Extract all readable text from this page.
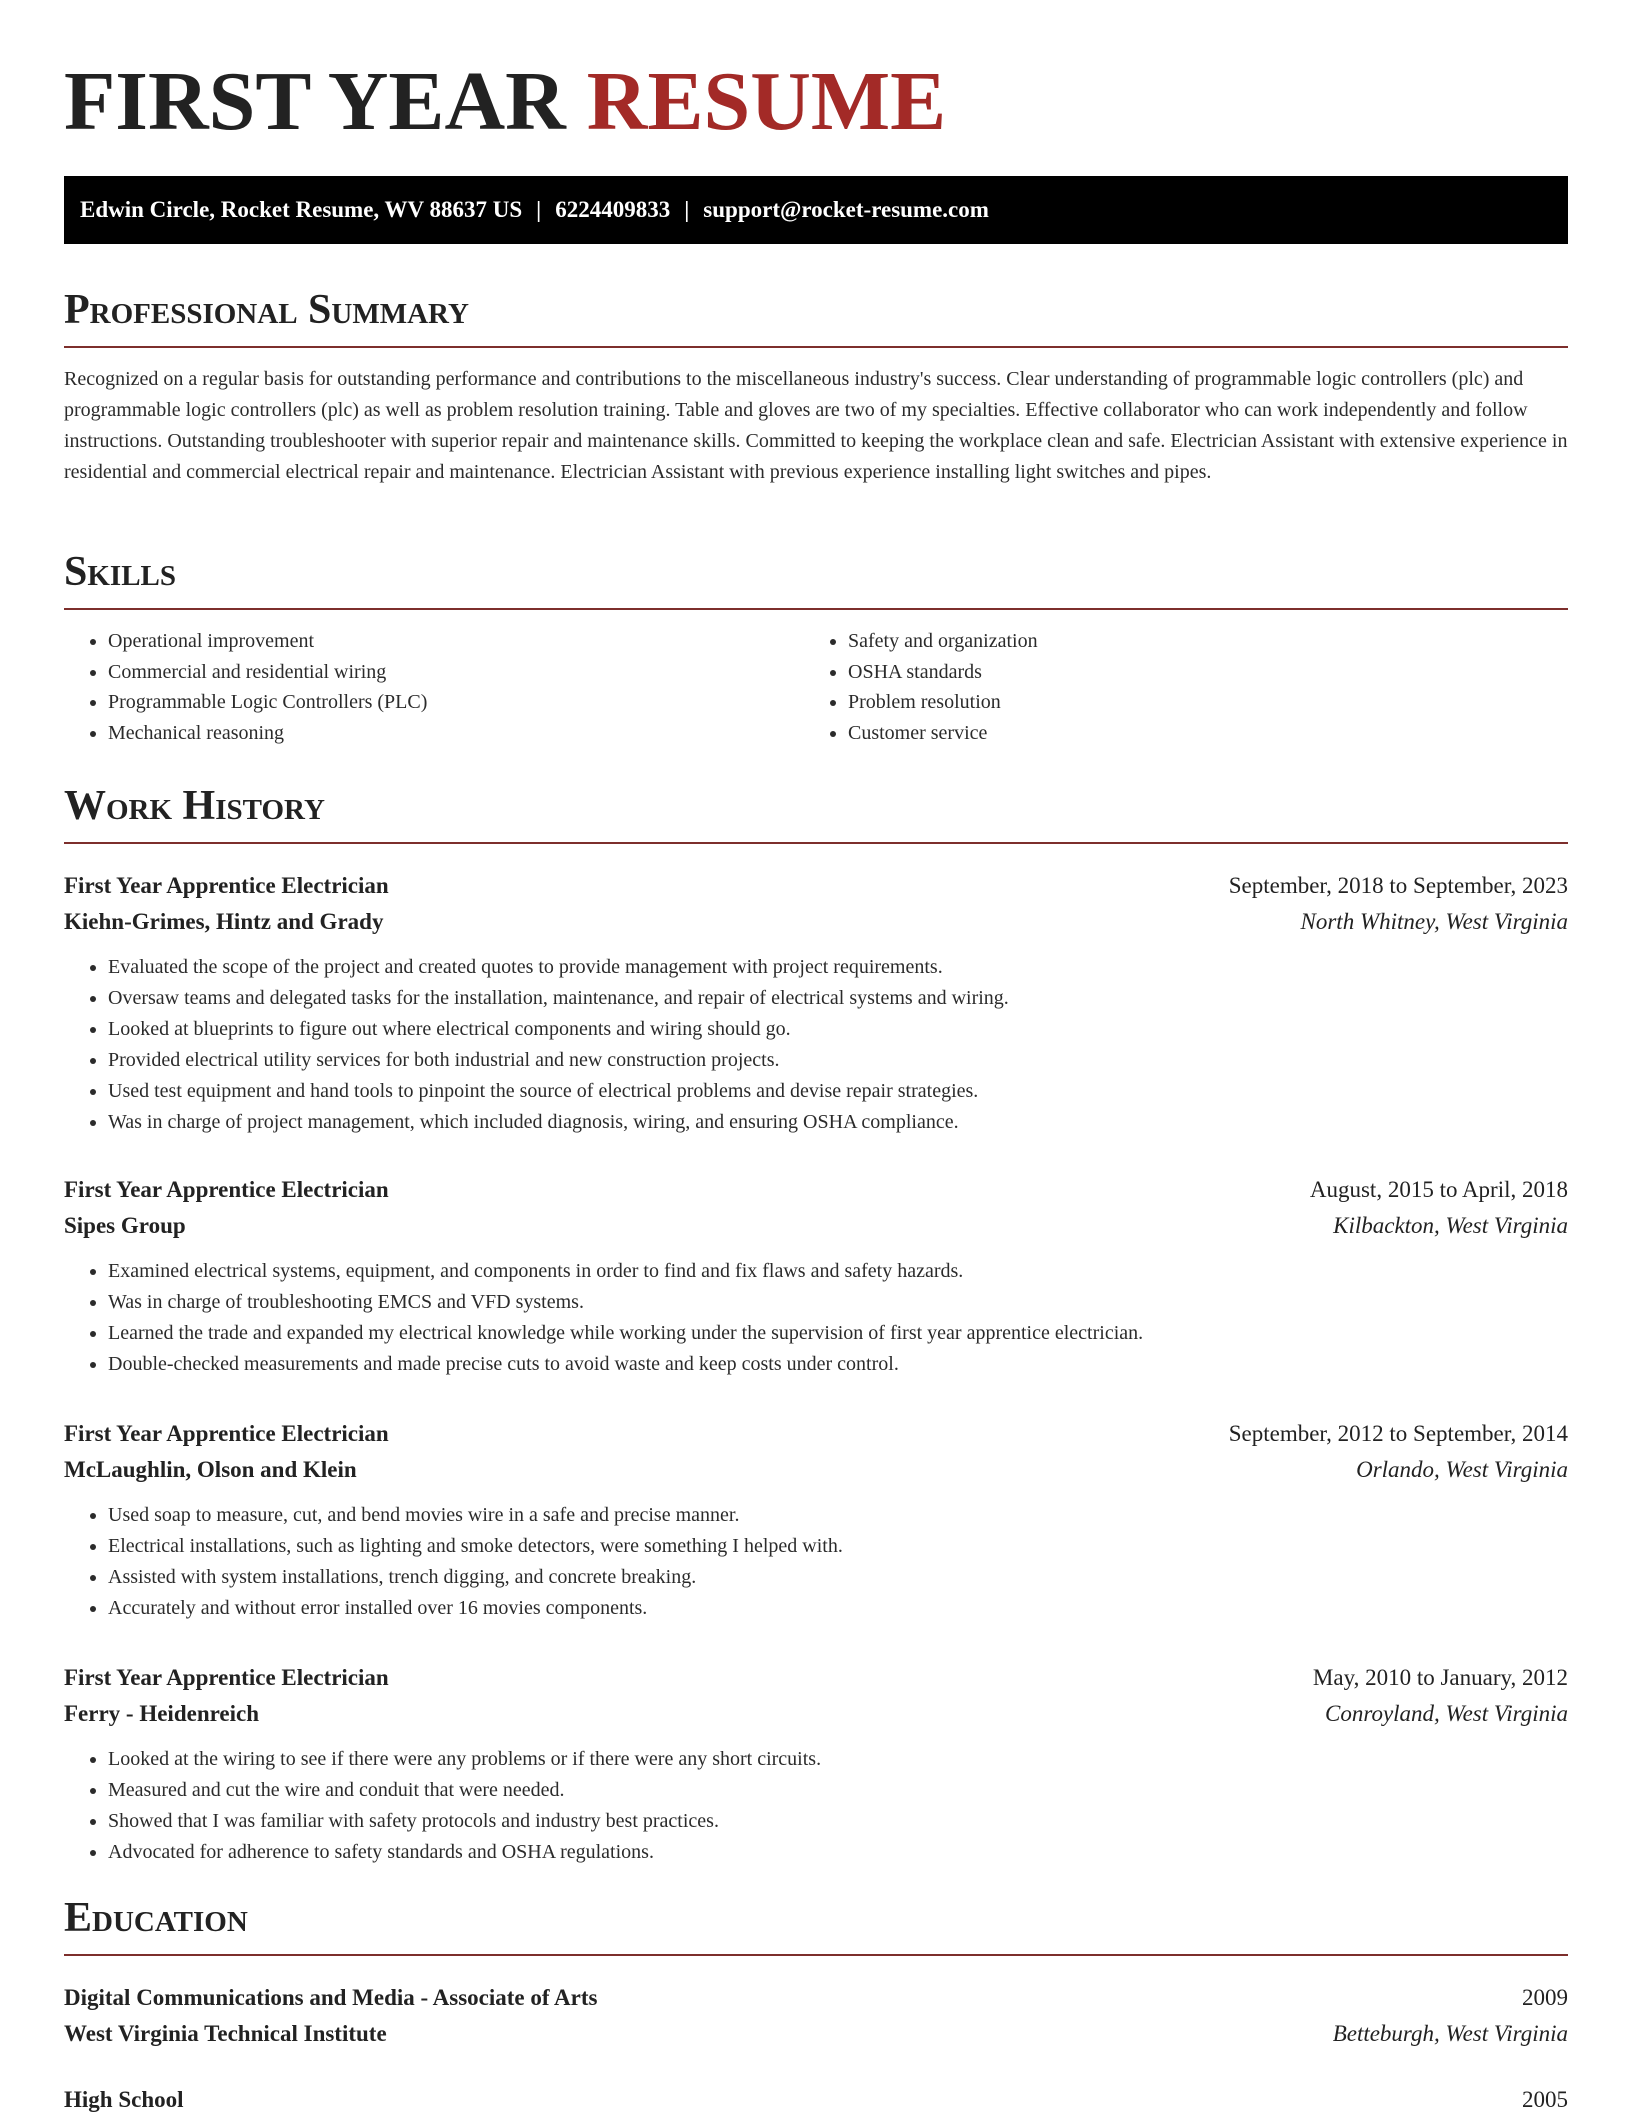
FIRST YEAR RESUME
Edwin Circle, Rocket Resume, WV 88637 US | 6224409833 | support@rocket-resume.com
Professional Summary

Recognized on a regular basis for outstanding performance and contributions to the miscellaneous industry's success. Clear understanding of programmable logic controllers (plc) and programmable logic controllers (plc) as well as problem resolution training. Table and gloves are two of my specialties. Effective collaborator who can work independently and follow instructions. Outstanding troubleshooter with superior repair and maintenance skills. Committed to keeping the workplace clean and safe. Electrician Assistant with extensive experience in residential and commercial electrical repair and maintenance. Electrician Assistant with previous experience installing light switches and pipes.

Skills
• Operational improvement
• Commercial and residential wiring
• Programmable Logic Controllers (PLC)
• Mechanical reasoning
• Safety and organization
• OSHA standards
• Problem resolution
• Customer service
Work History
First Year Apprentice Electrician	September, 2018 to September, 2023
Kiehn-Grimes, Hintz and Grady	North Whitney, West Virginia
• Evaluated the scope of the project and created quotes to provide management with project requirements.
• Oversaw teams and delegated tasks for the installation, maintenance, and repair of electrical systems and wiring.
• Looked at blueprints to figure out where electrical components and wiring should go.
• Provided electrical utility services for both industrial and new construction projects.
• Used test equipment and hand tools to pinpoint the source of electrical problems and devise repair strategies.
• Was in charge of project management, which included diagnosis, wiring, and ensuring OSHA compliance.
First Year Apprentice Electrician	August, 2015 to April, 2018
Sipes Group	Kilbackton, West Virginia
• Examined electrical systems, equipment, and components in order to find and fix flaws and safety hazards.
• Was in charge of troubleshooting EMCS and VFD systems.
• Learned the trade and expanded my electrical knowledge while working under the supervision of first year apprentice electrician.
• Double-checked measurements and made precise cuts to avoid waste and keep costs under control.
First Year Apprentice Electrician	September, 2012 to September, 2014
McLaughlin, Olson and Klein	Orlando, West Virginia
• Used soap to measure, cut, and bend movies wire in a safe and precise manner.
• Electrical installations, such as lighting and smoke detectors, were something I helped with.
• Assisted with system installations, trench digging, and concrete breaking.
• Accurately and without error installed over 16 movies components.
First Year Apprentice Electrician	May, 2010 to January, 2012
Ferry - Heidenreich	Conroyland, West Virginia
• Looked at the wiring to see if there were any problems or if there were any short circuits.
• Measured and cut the wire and conduit that were needed.
• Showed that I was familiar with safety protocols and industry best practices.
• Advocated for adherence to safety standards and OSHA regulations.
Education
Digital Communications and Media - Associate of Arts	2009
West Virginia Technical Institute	Betteburgh, West Virginia
High School	2005
